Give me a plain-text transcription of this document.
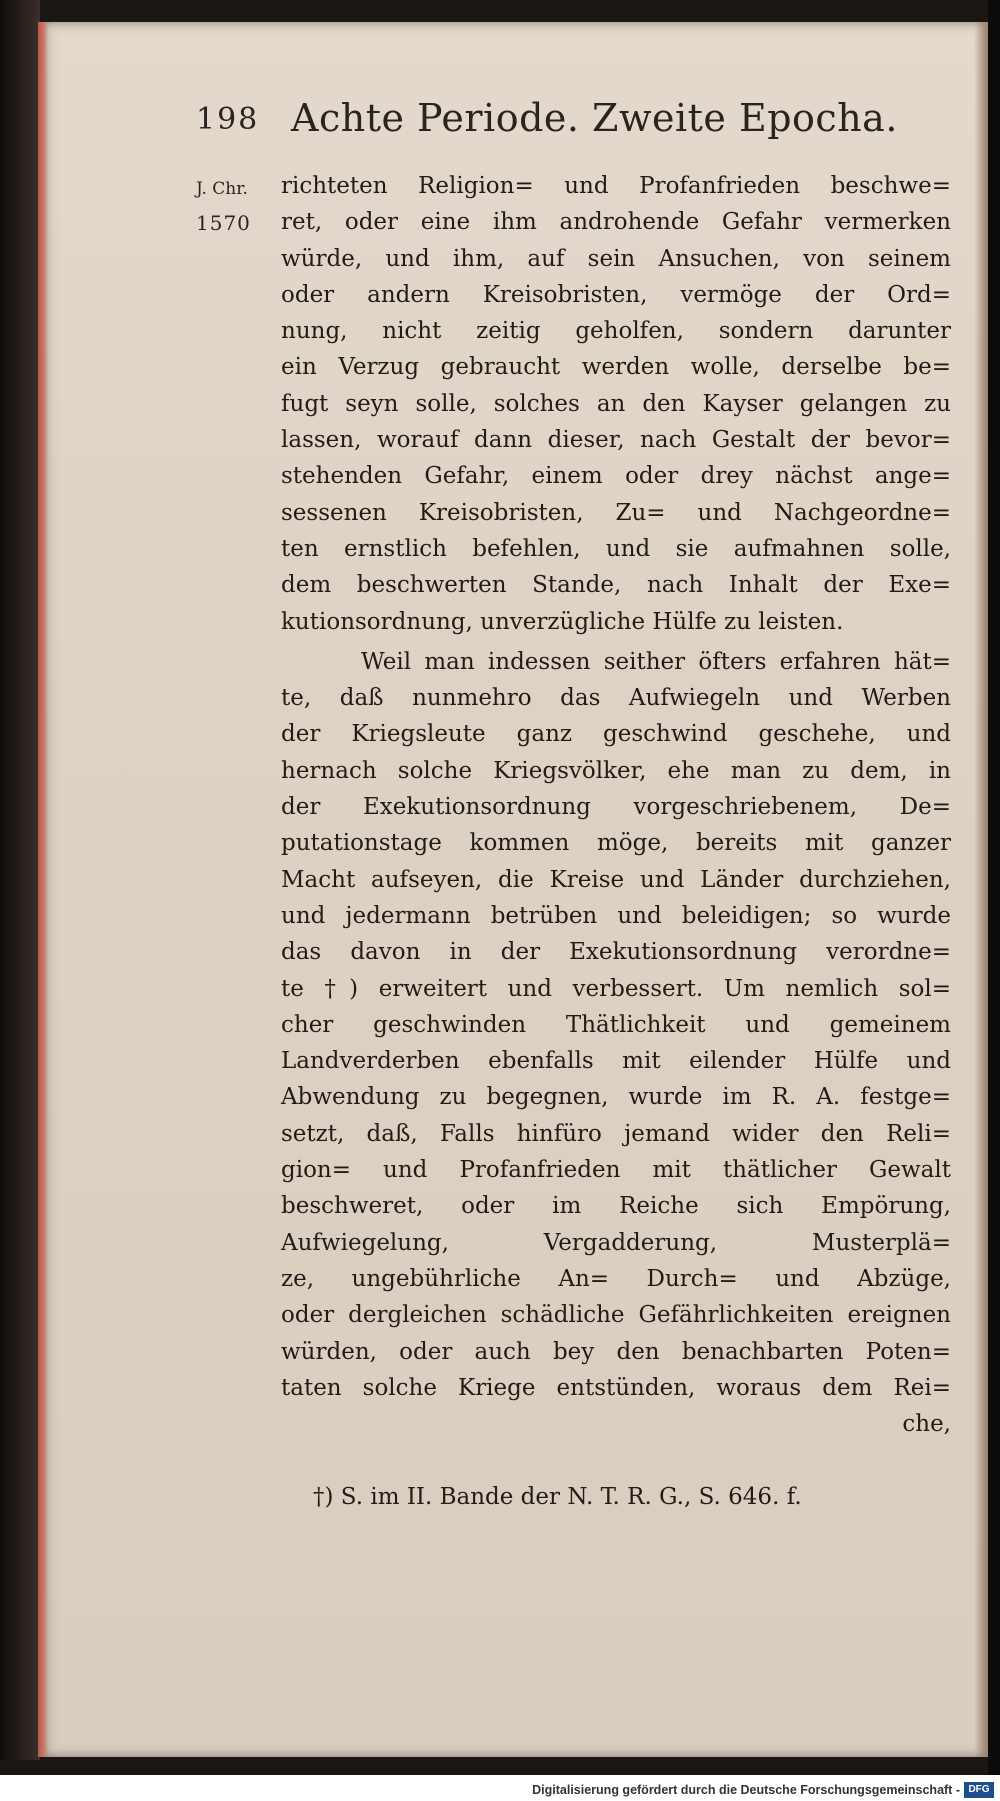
198 Achte Periode. Zweite Epocha.
J. Chr.
1570
richteten Religion= und Profanfrieden beschwe=
ret, oder eine ihm androhende Gefahr vermerken
würde, und ihm, auf sein Ansuchen, von seinem
oder andern Kreisobristen, vermöge der Ord=
nung, nicht zeitig geholfen, sondern darunter
ein Verzug gebraucht werden wolle, derselbe be=
fugt seyn solle, solches an den Kayser gelangen zu
lassen, worauf dann dieser, nach Gestalt der bevor=
stehenden Gefahr, einem oder drey nächst ange=
sessenen Kreisobristen, Zu= und Nachgeordne=
ten ernstlich befehlen, und sie aufmahnen solle,
dem beschwerten Stande, nach Inhalt der Exe=
kutionsordnung, unverzügliche Hülfe zu leisten.
Weil man indessen seither öfters erfahren hät=
te, daß nunmehro das Aufwiegeln und Werben
der Kriegsleute ganz geschwind geschehe, und
hernach solche Kriegsvölker, ehe man zu dem, in
der Exekutionsordnung vorgeschriebenem, De=
putationstage kommen möge, bereits mit ganzer
Macht aufseyen, die Kreise und Länder durchziehen,
und jedermann betrüben und beleidigen; so wurde
das davon in der Exekutionsordnung verordne=
te †) erweitert und verbessert. Um nemlich sol=
cher geschwinden Thätlichkeit und gemeinem
Landverderben ebenfalls mit eilender Hülfe und
Abwendung zu begegnen, wurde im R. A. festge=
setzt, daß, Falls hinfüro jemand wider den Reli=
gion= und Profanfrieden mit thätlicher Gewalt
beschweret, oder im Reiche sich Empörung,
Aufwiegelung, Vergadderung, Musterplä=
ze, ungebührliche An= Durch= und Abzüge,
oder dergleichen schädliche Gefährlichkeiten ereignen
würden, oder auch bey den benachbarten Poten=
taten solche Kriege entstünden, woraus dem Rei=
che,
†) S. im II. Bande der N. T. R. G., S. 646. f.
Digitalisierung gefördert durch die Deutsche Forschungsgemeinschaft - DFG
